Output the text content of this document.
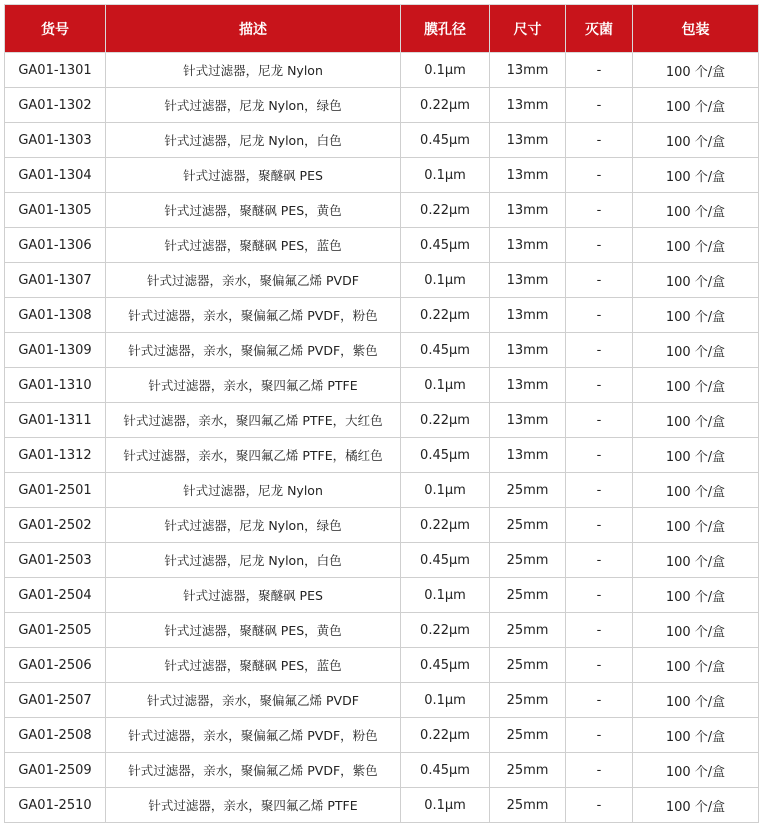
货号	描述	膜孔径	尺寸	灭菌	包装
GA01-1301	针式过滤器，尼龙 Nylon	0.1μm	13mm	-	100 个/盒
GA01-1302	针式过滤器，尼龙 Nylon，绿色	0.22μm	13mm	-	100 个/盒
GA01-1303	针式过滤器，尼龙 Nylon，白色	0.45μm	13mm	-	100 个/盒
GA01-1304	针式过滤器，聚醚砜 PES	0.1μm	13mm	-	100 个/盒
GA01-1305	针式过滤器，聚醚砜 PES，黄色	0.22μm	13mm	-	100 个/盒
GA01-1306	针式过滤器，聚醚砜 PES，蓝色	0.45μm	13mm	-	100 个/盒
GA01-1307	针式过滤器，亲水，聚偏氟乙烯 PVDF	0.1μm	13mm	-	100 个/盒
GA01-1308	针式过滤器，亲水，聚偏氟乙烯 PVDF，粉色	0.22μm	13mm	-	100 个/盒
GA01-1309	针式过滤器，亲水，聚偏氟乙烯 PVDF，紫色	0.45μm	13mm	-	100 个/盒
GA01-1310	针式过滤器，亲水，聚四氟乙烯 PTFE	0.1μm	13mm	-	100 个/盒
GA01-1311	针式过滤器，亲水，聚四氟乙烯 PTFE，大红色	0.22μm	13mm	-	100 个/盒
GA01-1312	针式过滤器，亲水，聚四氟乙烯 PTFE，橘红色	0.45μm	13mm	-	100 个/盒
GA01-2501	针式过滤器，尼龙 Nylon	0.1μm	25mm	-	100 个/盒
GA01-2502	针式过滤器，尼龙 Nylon，绿色	0.22μm	25mm	-	100 个/盒
GA01-2503	针式过滤器，尼龙 Nylon，白色	0.45μm	25mm	-	100 个/盒
GA01-2504	针式过滤器，聚醚砜 PES	0.1μm	25mm	-	100 个/盒
GA01-2505	针式过滤器，聚醚砜 PES，黄色	0.22μm	25mm	-	100 个/盒
GA01-2506	针式过滤器，聚醚砜 PES，蓝色	0.45μm	25mm	-	100 个/盒
GA01-2507	针式过滤器，亲水，聚偏氟乙烯 PVDF	0.1μm	25mm	-	100 个/盒
GA01-2508	针式过滤器，亲水，聚偏氟乙烯 PVDF，粉色	0.22μm	25mm	-	100 个/盒
GA01-2509	针式过滤器，亲水，聚偏氟乙烯 PVDF，紫色	0.45μm	25mm	-	100 个/盒
GA01-2510	针式过滤器，亲水，聚四氟乙烯 PTFE	0.1μm	25mm	-	100 个/盒
